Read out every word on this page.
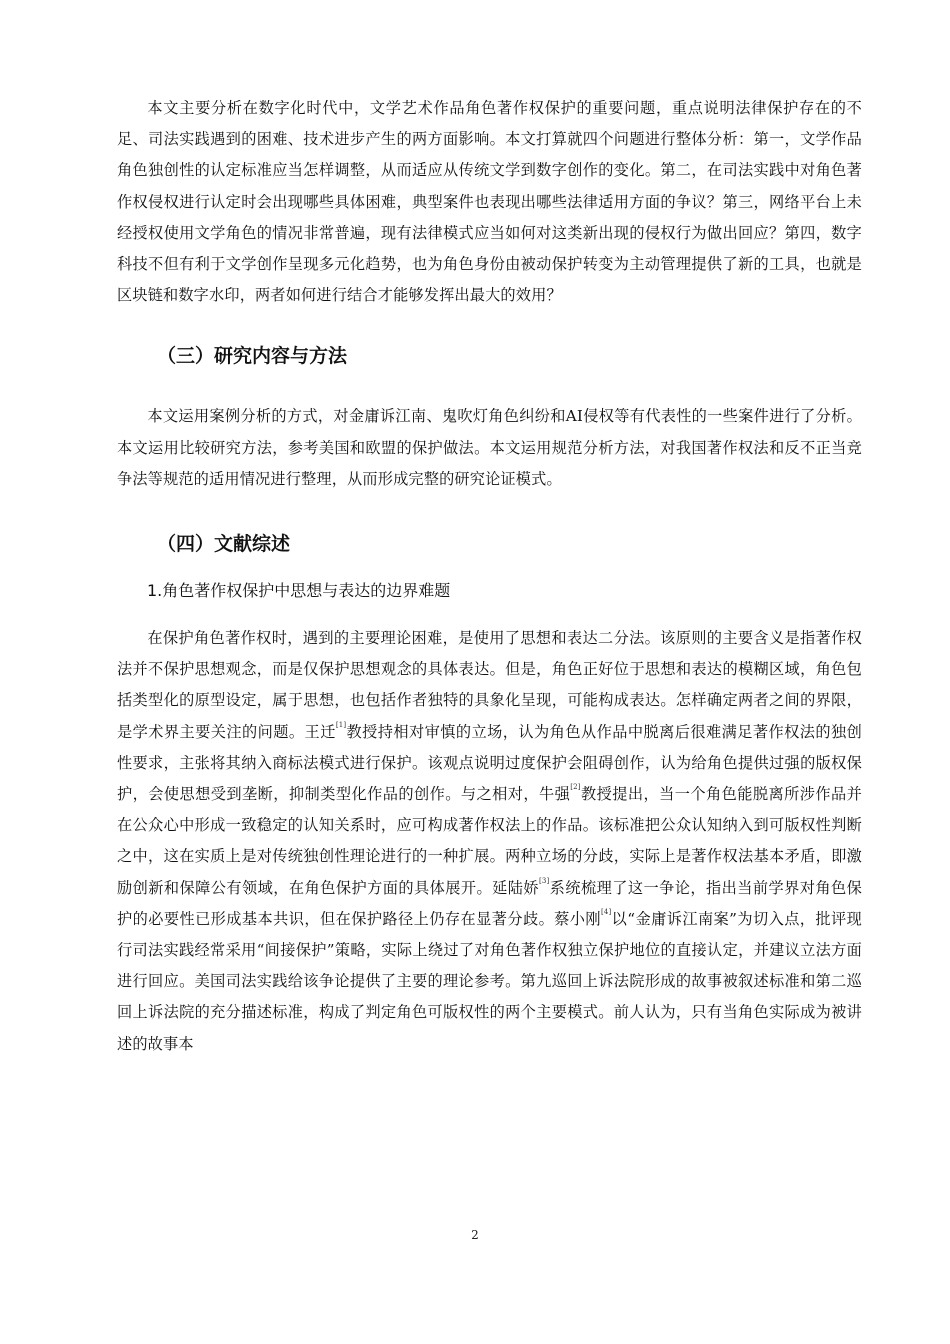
本文主要分析在数字化时代中，文学艺术作品角色著作权保护的重要问题，重点说明法律保护存在的不足、司法实践遇到的困难、技术进步产生的两方面影响。本文打算就四个问题进行整体分析：第一，文学作品角色独创性的认定标准应当怎样调整，从而适应从传统文学到数字创作的变化。第二，在司法实践中对角色著作权侵权进行认定时会出现哪些具体困难，典型案件也表现出哪些法律适用方面的争议？第三，网络平台上未经授权使用文学角色的情况非常普遍，现有法律模式应当如何对这类新出现的侵权行为做出回应？第四，数字科技不但有利于文学创作呈现多元化趋势，也为角色身份由被动保护转变为主动管理提供了新的工具，也就是区块链和数字水印，两者如何进行结合才能够发挥出最大的效用？

（三）研究内容与方法

本文运用案例分析的方式，对金庸诉江南、鬼吹灯角色纠纷和AI侵权等有代表性的一些案件进行了分析。本文运用比较研究方法，参考美国和欧盟的保护做法。本文运用规范分析方法，对我国著作权法和反不正当竞争法等规范的适用情况进行整理，从而形成完整的研究论证模式。

（四）文献综述
1.角色著作权保护中思想与表达的边界难题

在保护角色著作权时，遇到的主要理论困难，是使用了思想和表达二分法。该原则的主要含义是指著作权法并不保护思想观念，而是仅保护思想观念的具体表达。但是，角色正好位于思想和表达的模糊区域，角色包括类型化的原型设定，属于思想，也包括作者独特的具象化呈现，可能构成表达。怎样确定两者之间的界限，是学术界主要关注的问题。王迁[1]教授持相对审慎的立场，认为角色从作品中脱离后很难满足著作权法的独创性要求，主张将其纳入商标法模式进行保护。该观点说明过度保护会阻碍创作，认为给角色提供过强的版权保护，会使思想受到垄断，抑制类型化作品的创作。与之相对，牛强[2]教授提出，当一个角色能脱离所涉作品并在公众心中形成一致稳定的认知关系时，应可构成著作权法上的作品。该标准把公众认知纳入到可版权性判断之中，这在实质上是对传统独创性理论进行的一种扩展。两种立场的分歧，实际上是著作权法基本矛盾，即激励创新和保障公有领域，在角色保护方面的具体展开。延陆娇[3]系统梳理了这一争论，指出当前学界对角色保护的必要性已形成基本共识，但在保护路径上仍存在显著分歧。蔡小刚[4]以“金庸诉江南案”为切入点，批评现行司法实践经常采用“间接保护”策略，实际上绕过了对角色著作权独立保护地位的直接认定，并建议立法方面进行回应。美国司法实践给该争论提供了主要的理论参考。第九巡回上诉法院形成的故事被叙述标准和第二巡回上诉法院的充分描述标准，构成了判定角色可版权性的两个主要模式。前人认为，只有当角色实际成为被讲述的故事本

2
